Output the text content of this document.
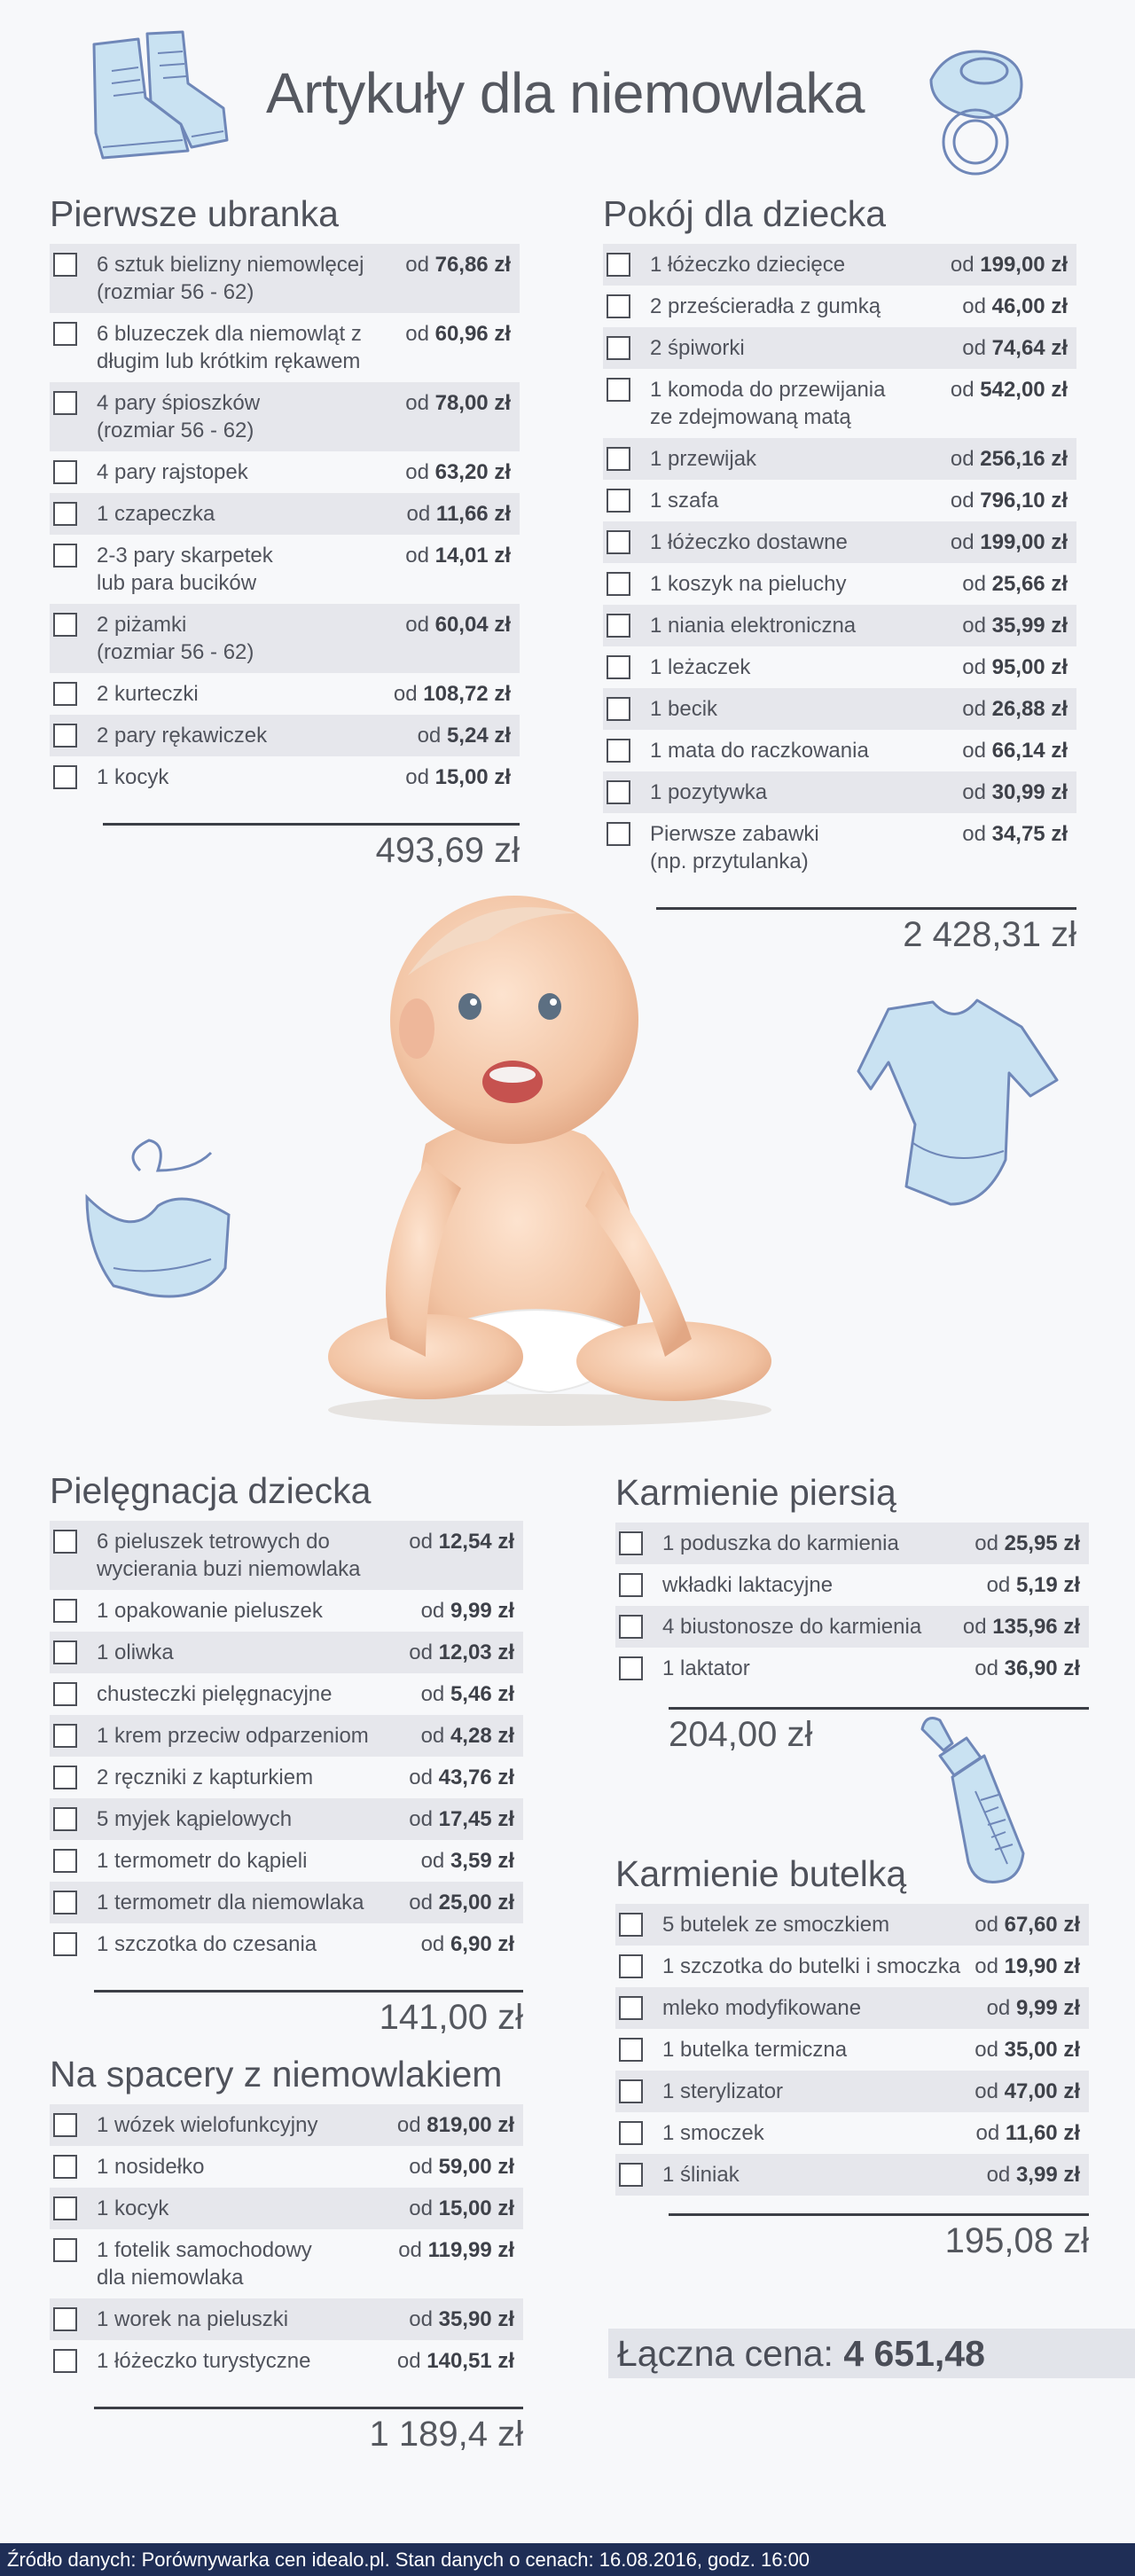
Artykuły dla niemowlaka
Pierwsze ubranka
6 sztuk bielizny niemowlęcej
(rozmiar 56 - 62)
od 76,86 zł
6 bluzeczek dla niemowląt z
długim lub krótkim rękawem
od 60,96 zł
4 pary śpioszków
(rozmiar 56 - 62)
od 78,00 zł
4 pary rajstopek	od 63,20 zł
1 czapeczka	od 11,66 zł
2-3 pary skarpetek
lub para bucików
od 14,01 zł
2 piżamki
(rozmiar 56 - 62)
od 60,04 zł
2 kurteczki	od 108,72 zł
2 pary rękawiczek	od 5,24 zł
1 kocyk	od 15,00 zł
493,69 zł
Pokój dla dziecka
1 łóżeczko dziecięce	od 199,00 zł
2 prześcieradła z gumką	od 46,00 zł
2 śpiworki	od 74,64 zł
1 komoda do przewijania
ze zdejmowaną matą
od 542,00 zł
1 przewijak	od 256,16 zł
1 szafa	od 796,10 zł
1 łóżeczko dostawne	od 199,00 zł
1 koszyk na pieluchy	od 25,66 zł
1 niania elektroniczna	od 35,99 zł
1 leżaczek	od 95,00 zł
1 becik	od 26,88 zł
1 mata do raczkowania	od 66,14 zł
1 pozytywka	od 30,99 zł
Pierwsze zabawki
(np. przytulanka)
od 34,75 zł
2 428,31 zł
Pielęgnacja dziecka
6 pieluszek tetrowych do
wycierania buzi niemowlaka
od 12,54 zł
1 opakowanie pieluszek	od 9,99 zł
1 oliwka	od 12,03 zł
chusteczki pielęgnacyjne	od 5,46 zł
1 krem przeciw odparzeniom	od 4,28 zł
2 ręczniki z kapturkiem	od 43,76 zł
5 myjek kąpielowych	od 17,45 zł
1 termometr do kąpieli	od 3,59 zł
1 termometr dla niemowlaka	od 25,00 zł
1 szczotka do czesania	od 6,90 zł
141,00 zł
Na spacery z niemowlakiem
1 wózek wielofunkcyjny	od 819,00 zł
1 nosidełko	od 59,00 zł
1 kocyk	od 15,00 zł
1 fotelik samochodowy
dla niemowlaka
od 119,99 zł
1 worek na pieluszki	od 35,90 zł
1 łóżeczko turystyczne	od 140,51 zł
1 189,4 zł
Karmienie piersią
1 poduszka do karmienia	od 25,95 zł
wkładki laktacyjne	od 5,19 zł
4 biustonosze do karmienia	od 135,96 zł
1 laktator	od 36,90 zł
204,00 zł
Karmienie butelką
5 butelek ze smoczkiem	od 67,60 zł
1 szczotka do butelki i smoczka od 19,90 zł
mleko modyfikowane	od 9,99 zł
1 butelka termiczna	od 35,00 zł
1 sterylizator	od 47,00 zł
1 smoczek	od 11,60 zł
1 śliniak	od 3,99 zł
195,08 zł
Łączna cena: 4 651,48
Źródło danych: Porównywarka cen idealo.pl. Stan danych o cenach: 16.08.2016, godz. 16:00
